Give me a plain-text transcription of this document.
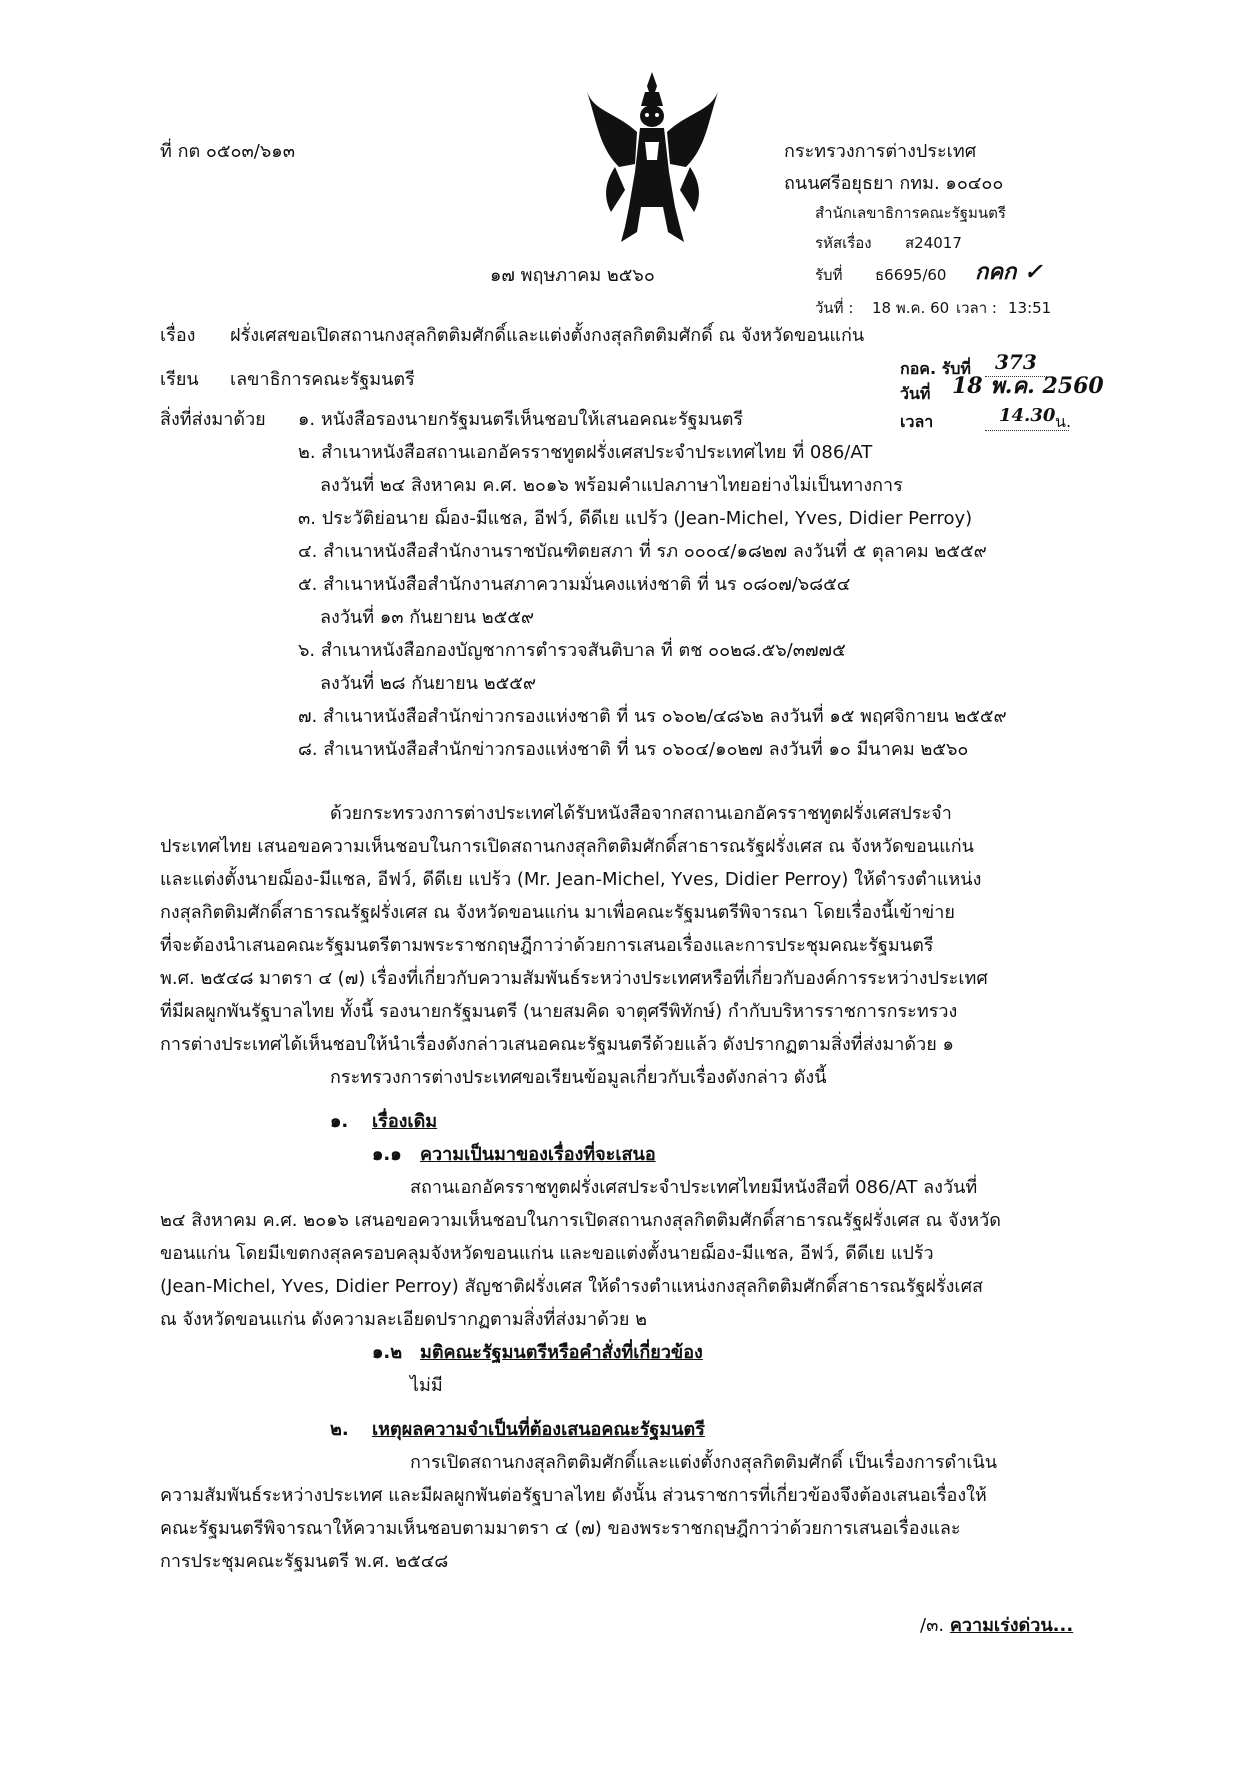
ที่ กต ๐๕๐๓/๖๑๓	กระทรวงการต่างประเทศ
ถนนศรีอยุธยา กทม. ๑๐๔๐๐
๑๗ พฤษภาคม ๒๕๖๐
สำนักเลขาธิการคณะรัฐมนตรี
รหัสเรื่อง ส24017
รับที่ ธ6695/60 กคก ✓
วันที่ : 18 พ.ค. 60 เวลา : 13:51
เรื่อง ฝรั่งเศสขอเปิดสถานกงสุลกิตติมศักดิ์และแต่งตั้งกงสุลกิตติมศักดิ์ ณ จังหวัดขอนแก่น
เรียน เลขาธิการคณะรัฐมนตรี
กอค. รับที่	373
วันที่ 18 พ.ค. 2560
เวลา	14.30 น.
สิ่งที่ส่งมาด้วย ๑. หนังสือรองนายกรัฐมนตรีเห็นชอบให้เสนอคณะรัฐมนตรี
๒. สำเนาหนังสือสถานเอกอัครราชทูตฝรั่งเศสประจำประเทศไทย ที่ 086/AT
ลงวันที่ ๒๔ สิงหาคม ค.ศ. ๒๐๑๖ พร้อมคำแปลภาษาไทยอย่างไม่เป็นทางการ
๓. ประวัติย่อนาย ฌ็อง-มีแชล, อีฟว์, ดีดีเย แปร้ว (Jean-Michel, Yves, Didier Perroy)
๔. สำเนาหนังสือสำนักงานราชบัณฑิตยสภา ที่ รภ ๐๐๐๔/๑๘๒๗ ลงวันที่ ๕ ตุลาคม ๒๕๕๙
๕. สำเนาหนังสือสำนักงานสภาความมั่นคงแห่งชาติ ที่ นร ๐๘๐๗/๖๘๕๔
ลงวันที่ ๑๓ กันยายน ๒๕๕๙
๖. สำเนาหนังสือกองบัญชาการตำรวจสันติบาล ที่ ตช ๐๐๒๘.๕๖/๓๗๗๕
ลงวันที่ ๒๘ กันยายน ๒๕๕๙
๗. สำเนาหนังสือสำนักข่าวกรองแห่งชาติ ที่ นร ๐๖๐๒/๔๘๖๒ ลงวันที่ ๑๕ พฤศจิกายน ๒๕๕๙
๘. สำเนาหนังสือสำนักข่าวกรองแห่งชาติ ที่ นร ๐๖๐๔/๑๐๒๗ ลงวันที่ ๑๐ มีนาคม ๒๕๖๐
ด้วยกระทรวงการต่างประเทศได้รับหนังสือจากสถานเอกอัครราชทูตฝรั่งเศสประจำ
ประเทศไทย เสนอขอความเห็นชอบในการเปิดสถานกงสุลกิตติมศักดิ์สาธารณรัฐฝรั่งเศส ณ จังหวัดขอนแก่น
และแต่งตั้งนายฌ็อง-มีแชล, อีฟว์, ดีดีเย แปร้ว (Mr. Jean-Michel, Yves, Didier Perroy) ให้ดำรงตำแหน่ง
กงสุลกิตติมศักดิ์สาธารณรัฐฝรั่งเศส ณ จังหวัดขอนแก่น มาเพื่อคณะรัฐมนตรีพิจารณา โดยเรื่องนี้เข้าข่าย
ที่จะต้องนำเสนอคณะรัฐมนตรีตามพระราชกฤษฎีกาว่าด้วยการเสนอเรื่องและการประชุมคณะรัฐมนตรี
พ.ศ. ๒๕๔๘ มาตรา ๔ (๗) เรื่องที่เกี่ยวกับความสัมพันธ์ระหว่างประเทศหรือที่เกี่ยวกับองค์การระหว่างประเทศ
ที่มีผลผูกพันรัฐบาลไทย ทั้งนี้ รองนายกรัฐมนตรี (นายสมคิด จาตุศรีพิทักษ์) กำกับบริหารราชการกระทรวง
การต่างประเทศได้เห็นชอบให้นำเรื่องดังกล่าวเสนอคณะรัฐมนตรีด้วยแล้ว ดังปรากฏตามสิ่งที่ส่งมาด้วย ๑
กระทรวงการต่างประเทศขอเรียนข้อมูลเกี่ยวกับเรื่องดังกล่าว ดังนี้
๑. เรื่องเดิม
๑.๑ ความเป็นมาของเรื่องที่จะเสนอ
สถานเอกอัครราชทูตฝรั่งเศสประจำประเทศไทยมีหนังสือที่ 086/AT ลงวันที่
๒๔ สิงหาคม ค.ศ. ๒๐๑๖ เสนอขอความเห็นชอบในการเปิดสถานกงสุลกิตติมศักดิ์สาธารณรัฐฝรั่งเศส ณ จังหวัด
ขอนแก่น โดยมีเขตกงสุลครอบคลุมจังหวัดขอนแก่น และขอแต่งตั้งนายฌ็อง-มีแชล, อีฟว์, ดีดีเย แปร้ว
(Jean-Michel, Yves, Didier Perroy) สัญชาติฝรั่งเศส ให้ดำรงตำแหน่งกงสุลกิตติมศักดิ์สาธารณรัฐฝรั่งเศส
ณ จังหวัดขอนแก่น ดังความละเอียดปรากฏตามสิ่งที่ส่งมาด้วย ๒
๑.๒ มติคณะรัฐมนตรีหรือคำสั่งที่เกี่ยวข้อง
ไม่มี
๒. เหตุผลความจำเป็นที่ต้องเสนอคณะรัฐมนตรี
การเปิดสถานกงสุลกิตติมศักดิ์และแต่งตั้งกงสุลกิตติมศักดิ์ เป็นเรื่องการดำเนิน
ความสัมพันธ์ระหว่างประเทศ และมีผลผูกพันต่อรัฐบาลไทย ดังนั้น ส่วนราชการที่เกี่ยวข้องจึงต้องเสนอเรื่องให้
คณะรัฐมนตรีพิจารณาให้ความเห็นชอบตามมาตรา ๔ (๗) ของพระราชกฤษฎีกาว่าด้วยการเสนอเรื่องและ
การประชุมคณะรัฐมนตรี พ.ศ. ๒๕๔๘
/๓. ความเร่งด่วน...
